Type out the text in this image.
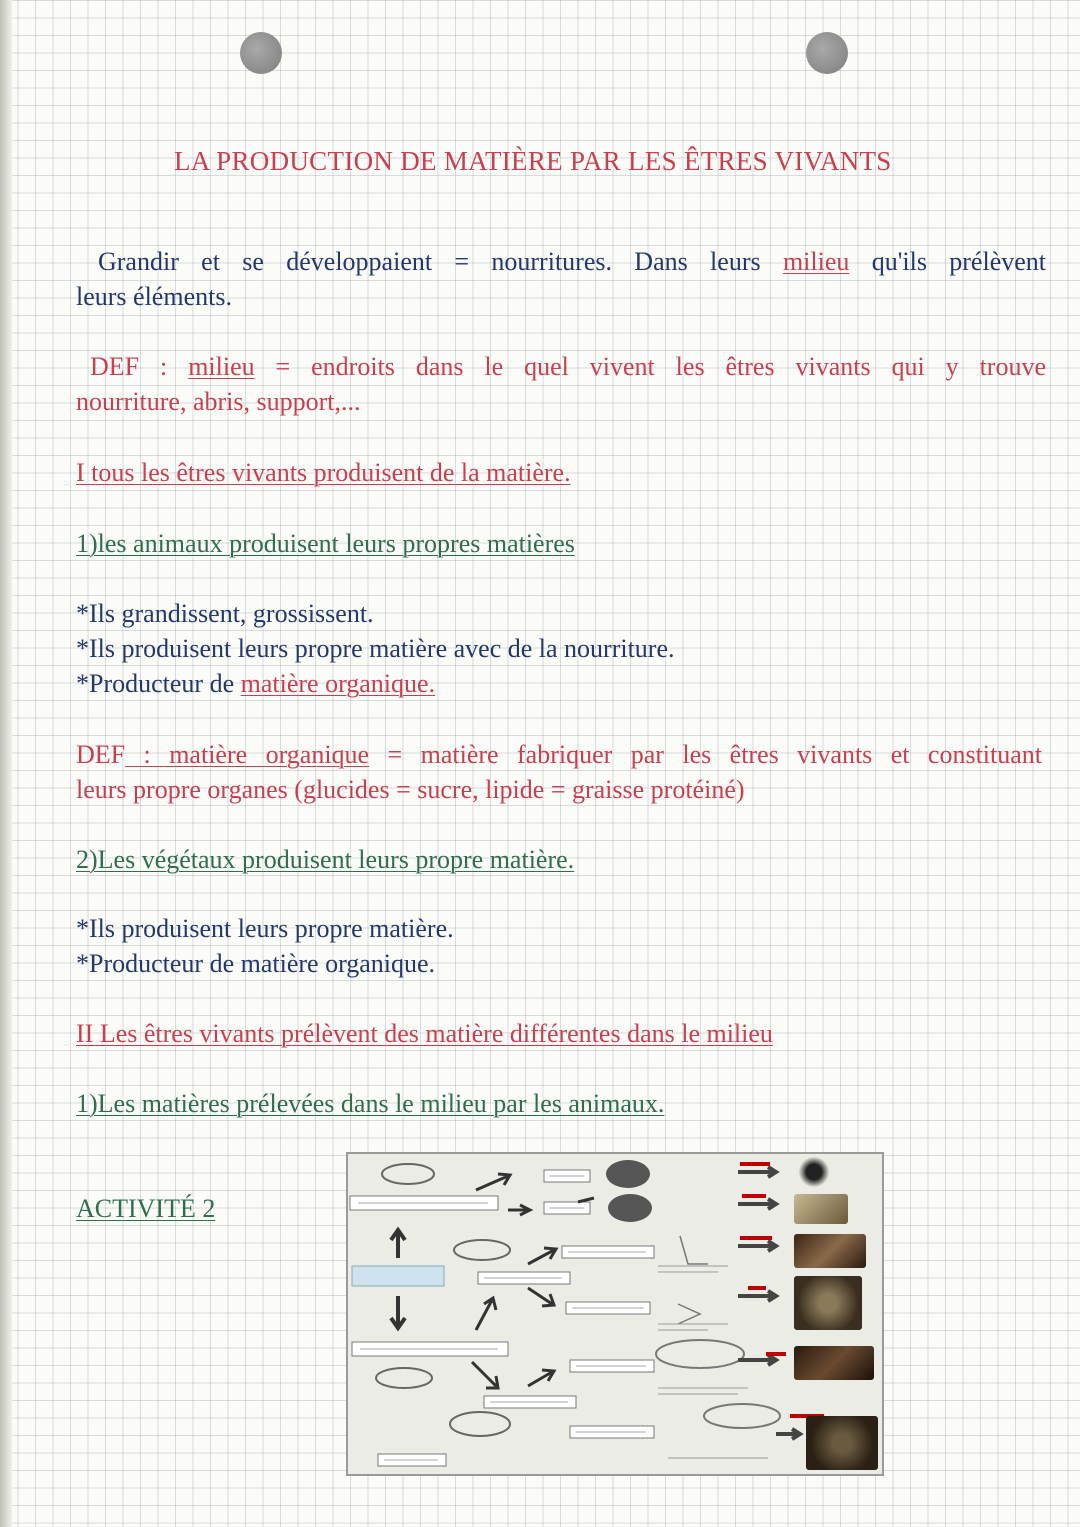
LA PRODUCTION DE MATIÈRE PAR LES ÊTRES VIVANTS

Grandir et se développaient = nourritures. Dans leurs milieu qu'ils prélèvent

leurs éléments.

DEF : milieu = endroits dans le quel vivent les êtres vivants qui y trouve

nourriture, abris, support,...

I tous les êtres vivants produisent de la matière.

1)les animaux produisent leurs propres matières

*Ils grandissent, grossissent.

*Ils produisent leurs propre matière avec de la nourriture.

*Producteur de matière organique.

DEF : matière organique = matière fabriquer par les êtres vivants et constituant

leurs propre organes (glucides = sucre, lipide = graisse protéiné)

2)Les végétaux produisent leurs propre matière.

*Ils produisent leurs propre matière.

*Producteur de matière organique.

II Les êtres vivants prélèvent des matière différentes dans le milieu

1)Les matières prélevées dans le milieu par les animaux.

ACTIVITÉ 2
